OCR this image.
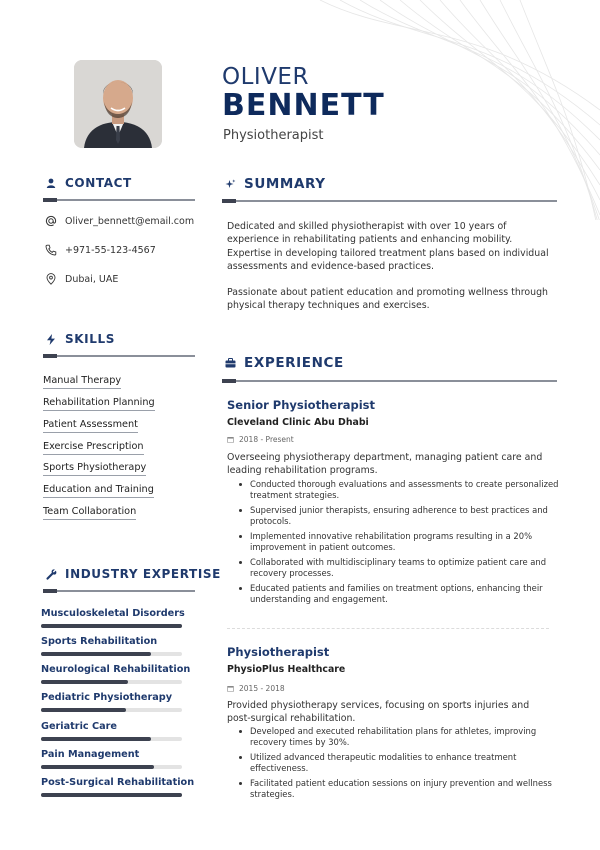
OLIVER
BENNETT
Physiotherapist
CONTACT
Oliver_bennett@email.com
+971-55-123-4567
Dubai, UAE
SKILLS
Manual Therapy
Rehabilitation Planning
Patient Assessment
Exercise Prescription
Sports Physiotherapy
Education and Training
Team Collaboration
INDUSTRY EXPERTISE
Musculoskeletal Disorders
Sports Rehabilitation
Neurological Rehabilitation
Pediatric Physiotherapy
Geriatric Care
Pain Management
Post-Surgical Rehabilitation
SUMMARY

Dedicated and skilled physiotherapist with over 10 years of experience in rehabilitating patients and enhancing mobility. Expertise in developing tailored treatment plans based on individual assessments and evidence-based practices.

Passionate about patient education and promoting wellness through physical therapy techniques and exercises.

EXPERIENCE
Senior Physiotherapist
Cleveland Clinic Abu Dhabi
2018 - Present
Overseeing physiotherapy department, managing patient care and leading rehabilitation programs.
Conducted thorough evaluations and assessments to create personalized treatment strategies.
Supervised junior therapists, ensuring adherence to best practices and protocols.
Implemented innovative rehabilitation programs resulting in a 20% improvement in patient outcomes.
Collaborated with multidisciplinary teams to optimize patient care and recovery processes.
Educated patients and families on treatment options, enhancing their understanding and engagement.
Physiotherapist
PhysioPlus Healthcare
2015 - 2018
Provided physiotherapy services, focusing on sports injuries and post-surgical rehabilitation.
Developed and executed rehabilitation plans for athletes, improving recovery times by 30%.
Utilized advanced therapeutic modalities to enhance treatment effectiveness.
Facilitated patient education sessions on injury prevention and wellness strategies.
